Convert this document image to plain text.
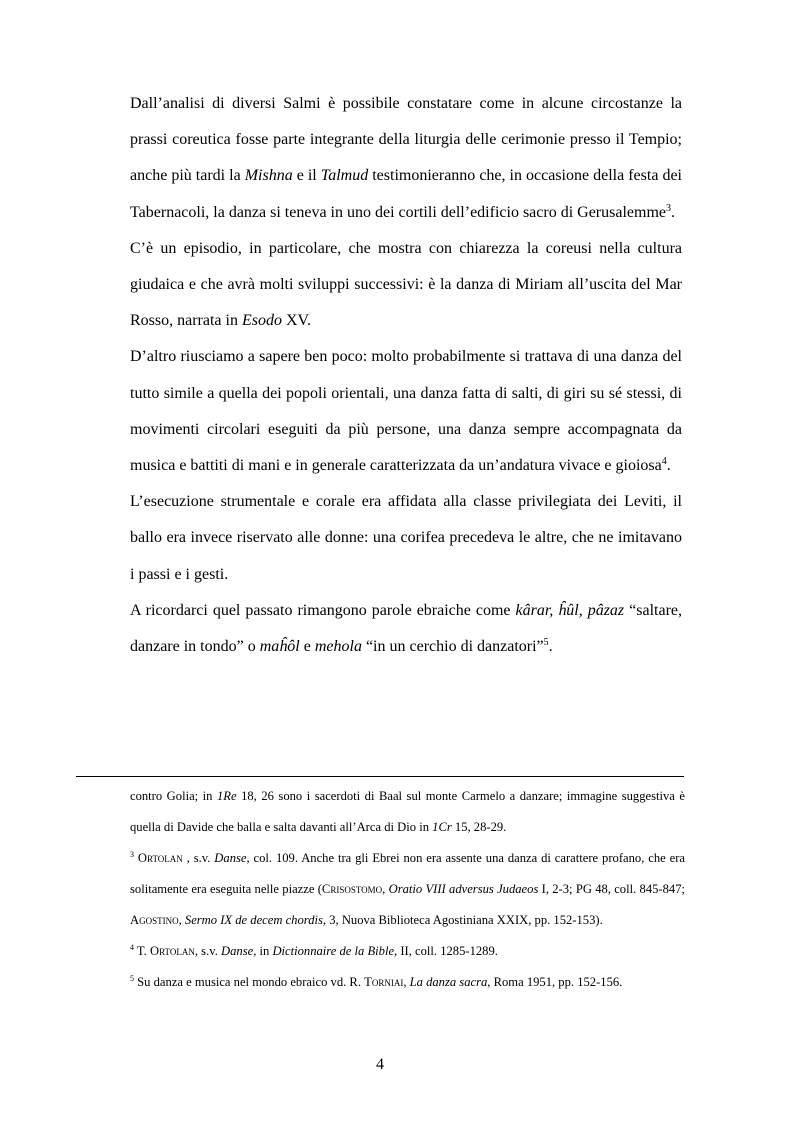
Dall’analisi di diversi Salmi è possibile constatare come in alcune circostanze la prassi coreutica fosse parte integrante della liturgia delle cerimonie presso il Tempio; anche più tardi la Mishna e il Talmud testimonieranno che, in occasione della festa dei Tabernacoli, la danza si teneva in uno dei cortili dell’edificio sacro di Gerusalemme$^3$.

C’è un episodio, in particolare, che mostra con chiarezza la coreusi nella cultura giudaica e che avrà molti sviluppi successivi: è la danza di Miriam all’uscita del Mar Rosso, narrata in Esodo XV.

D’altro riusciamo a sapere ben poco: molto probabilmente si trattava di una danza del tutto simile a quella dei popoli orientali, una danza fatta di salti, di giri su sé stessi, di movimenti circolari eseguiti da più persone, una danza sempre accompagnata da musica e battiti di mani e in generale caratterizzata da un’andatura vivace e gioiosa$^4$.

L’esecuzione strumentale e corale era affidata alla classe privilegiata dei Leviti, il ballo era invece riservato alle donne: una corifea precedeva le altre, che ne imitavano i passi e i gesti.

A ricordarci quel passato rimangono parole ebraiche come kârar, ĥûl, pâzaz “saltare, danzare in tondo” o maĥôl e mehola “in un cerchio di danzatori”$^5$.

contro Golia; in 1Re 18, 26 sono i sacerdoti di Baal sul monte Carmelo a danzare; immagine suggestiva è quella di Davide che balla e salta davanti all’Arca di Dio in 1Cr 15, 28-29.

$^3$ Ortolan , s.v. Danse, col. 109. Anche tra gli Ebrei non era assente una danza di carattere profano, che era solitamente era eseguita nelle piazze (Crisostomo, Oratio VIII adversus Judaeos I, 2-3; PG 48, coll. 845-847; Agostino, Sermo IX de decem chordis, 3, Nuova Biblioteca Agostiniana XXIX, pp. 152-153).

$^4$ T. Ortolan, s.v. Danse, in Dictionnaire de la Bible, II, coll. 1285-1289.

$^5$ Su danza e musica nel mondo ebraico vd. R. Torniai, La danza sacra, Roma 1951, pp. 152-156.

4
